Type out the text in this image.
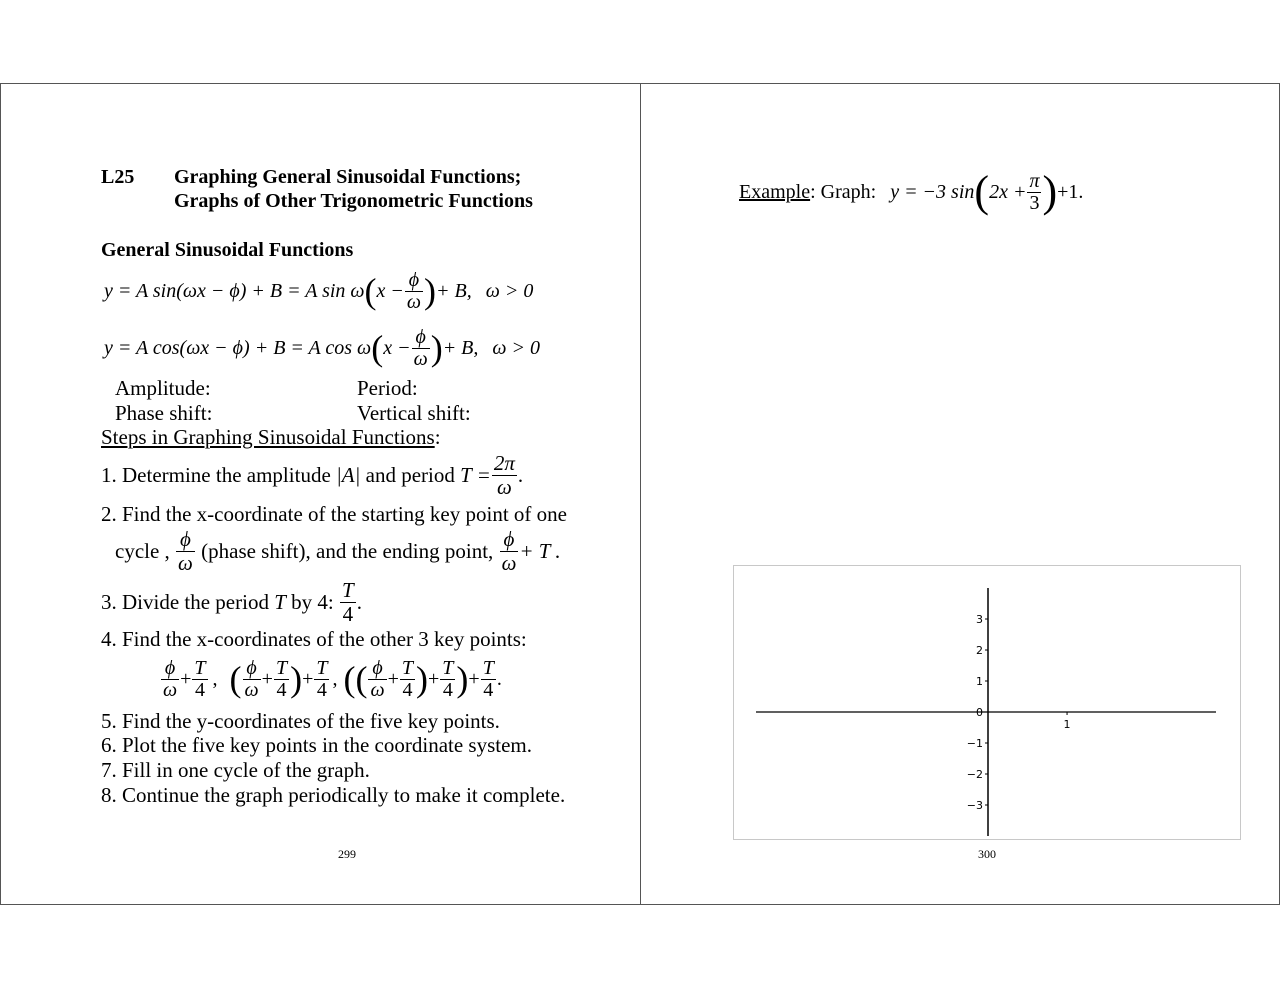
L25 Graphing General Sinusoidal Functions;
Graphs of Other Trigonometric Functions
General Sinusoidal Functions
y = A sin(ωx − ϕ) + B = A sin ω ( $x - \frac{\phi}{\omega}$ ) + B, ω > 0
y = A cos(ωx − ϕ) + B = A cos ω ( $x - \frac{\phi}{\omega}$ ) + B, ω > 0
Amplitude:	Period:
Phase shift:	Vertical shift:
Steps in Graphing Sinusoidal Functions:
1. Determine the amplitude
|A|
and period
$T = \frac{2\pi}{\omega}$ .
2. Find the x-coordinate of the starting key point of one
cycle ,
$\frac{\phi}{\omega}$
(phase shift), and the ending point,
$\frac{\phi}{\omega} + T$ .
3. Divide the period
T
by 4:
$\frac{T}{4}$ .
4. Find the x-coordinates of the other 3 key points:
$\frac{\phi}{\omega} + \frac{T}{4}$ , ( $\frac{\phi}{\omega} + \frac{T}{4}$ ) + $\frac{T}{4}$ , ( ( $\frac{\phi}{\omega} + \frac{T}{4}$ ) + $\frac{T}{4}$ ) + $\frac{T}{4}$ .
5. Find the y-coordinates of the five key points.
6. Plot the five key points in the coordinate system.
7. Fill in one cycle of the graph.
8. Continue the graph periodically to make it complete.
299
Example : Graph: y = −3 sin ( $2x + \frac{\pi}{3}$ ) +1.
3
2
1
0
−1
−2
−3
1
300
